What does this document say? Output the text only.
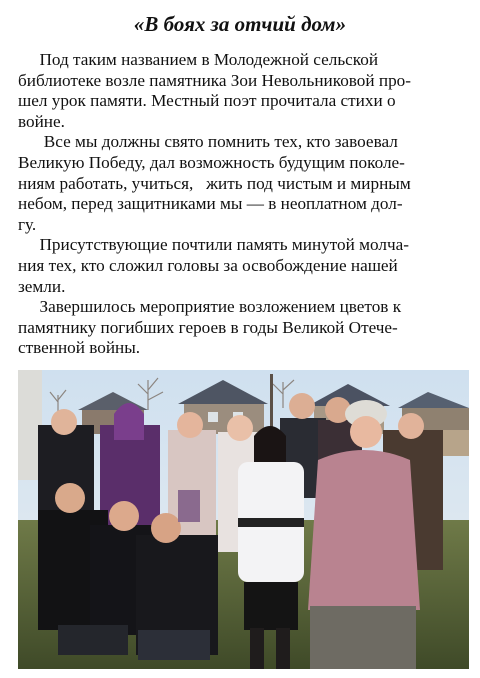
«В боях за отчий дом»

Под таким названием в Молодежной сельской
библиотеке возле памятника Зои Невольниковой про-
шел урок памяти. Местный поэт прочитала стихи о
войне.

Все мы должны свято помнить тех, кто завоевал
Великую Победу, дал возможность будущим поколе-
ниям работать, учиться,   жить под чистым и мирным
небом, перед защитниками мы — в неоплатном дол-
гу.

Присутствующие почтили память минутой молча-
ния тех, кто сложил головы за освобождение нашей
земли.

Завершилось мероприятие возложением цветов к
памятнику погибших героев в годы Великой Отече-
ственной войны.
